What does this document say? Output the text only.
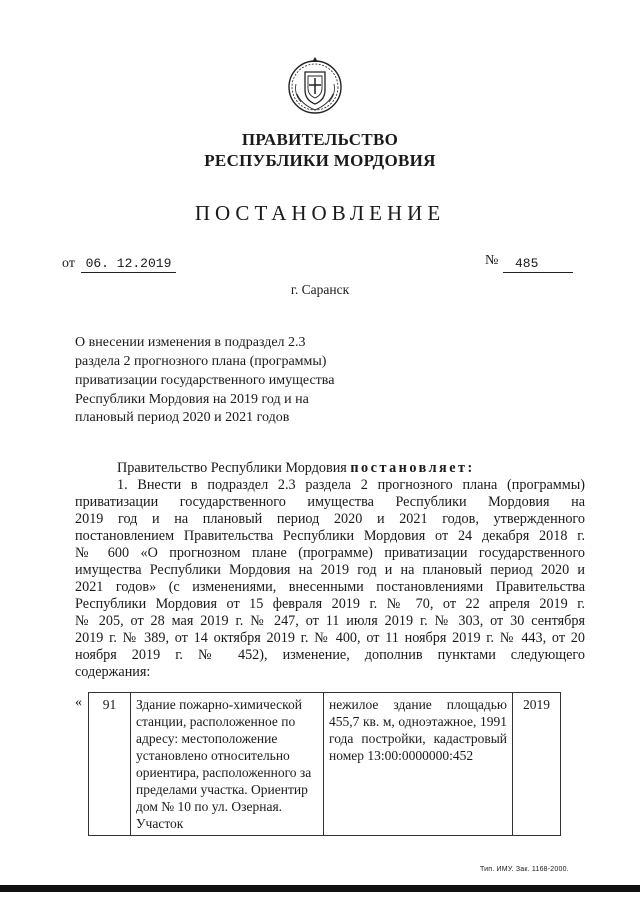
ПРАВИТЕЛЬСТВО
РЕСПУБЛИКИ МОРДОВИЯ
ПОСТАНОВЛЕНИЕ
от 06. 12.2019	№	485
г. Саранск
О внесении изменения в подраздел 2.3
раздела 2 прогнозного плана (программы)
приватизации государственного имущества
Республики Мордовия на 2019 год и на
плановый период 2020 и 2021 годов
Правительство Республики Мордовия постановляет:
1. Внести в подраздел 2.3 раздела 2 прогнозного плана (программы)
приватизации государственного имущества Республики Мордовия на
2019 год и на плановый период 2020 и 2021 годов, утвержденного
постановлением Правительства Республики Мордовия от 24 декабря 2018 г.
№ 600 «О прогнозном плане (программе) приватизации государственного
имущества Республики Мордовия на 2019 год и на плановый период 2020 и
2021 годов» (с изменениями, внесенными постановлениями Правительства
Республики Мордовия от 15 февраля 2019 г. № 70, от 22 апреля 2019 г.
№ 205, от 28 мая 2019 г. № 247, от 11 июля 2019 г. № 303, от 30 сентября
2019 г. № 389, от 14 октября 2019 г. № 400, от 11 ноября 2019 г. № 443, от 20
ноября 2019 г. № 452), изменение, дополнив пунктами следующего
содержания:
« 91	Здание пожарно-химической станции, расположенное по адресу: местоположение установлено относительно ориентира, расположенного за пределами участка. Ориентир дом № 10 по ул. Озерная. Участок	нежилое здание площадью 455,7 кв. м, одноэтажное, 1991 года постройки, кадастровый номер 13:00:0000000:452	2019
Тип. ИМУ. Зак. 1168-2000.
